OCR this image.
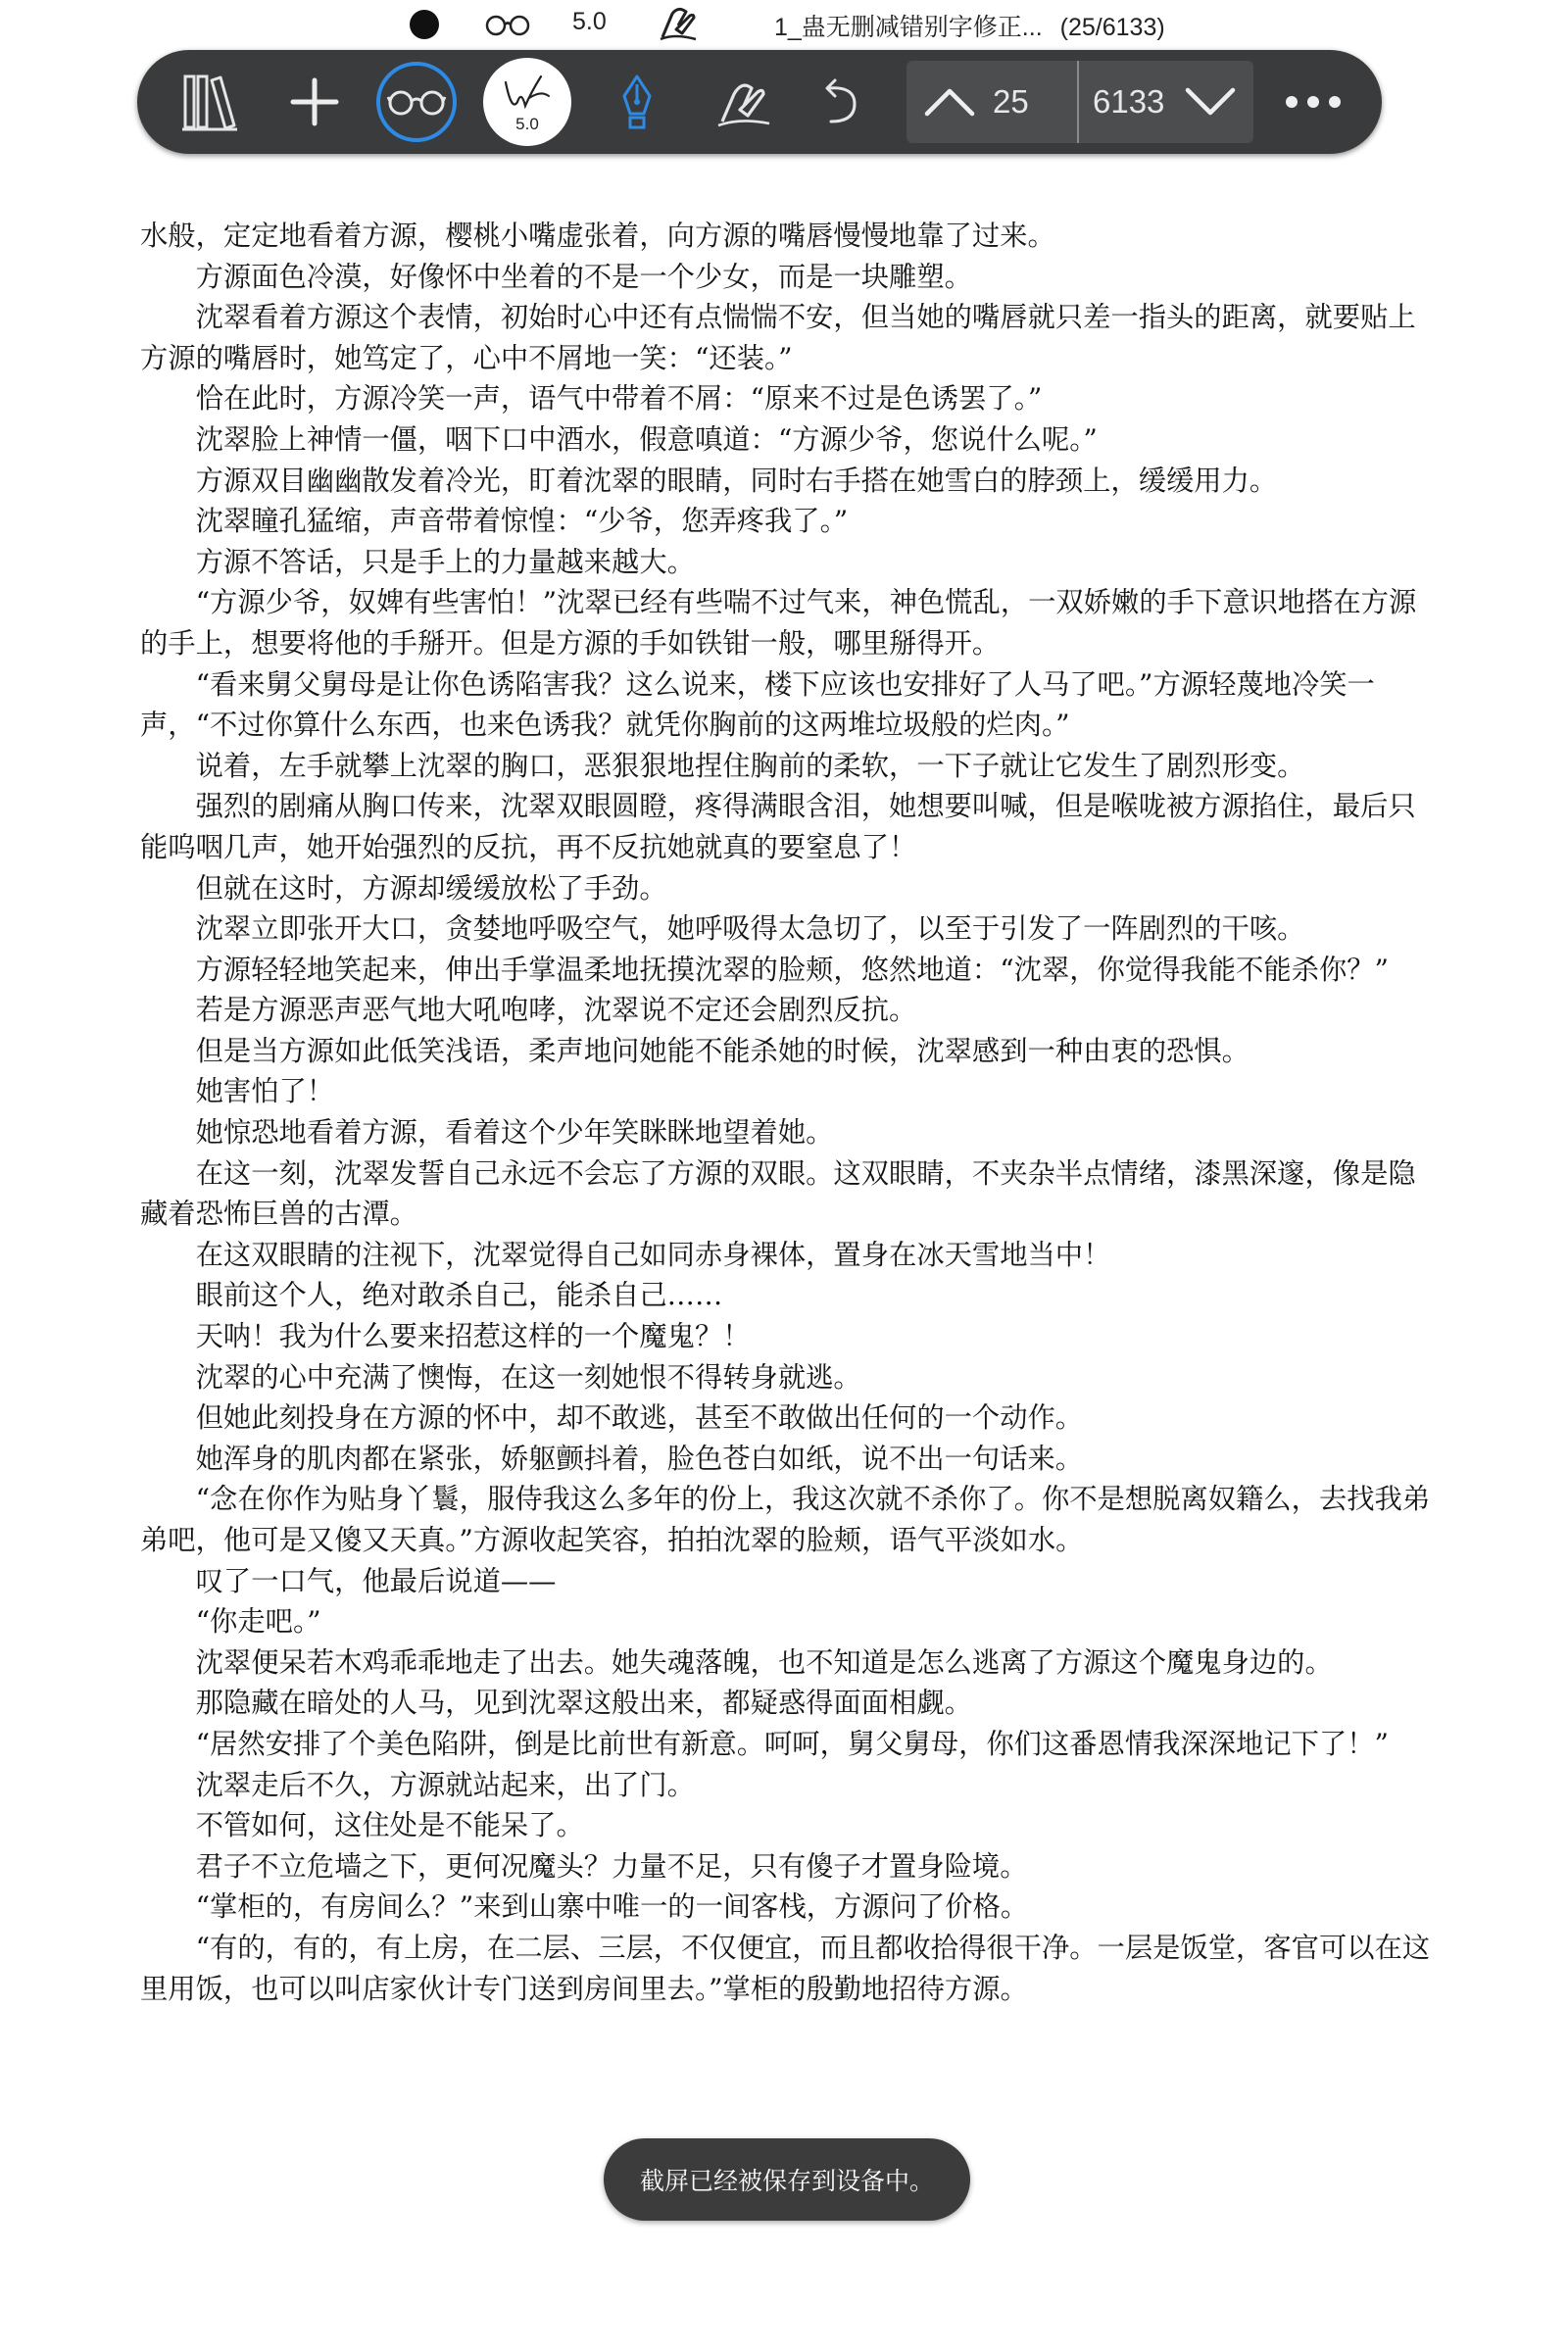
5.0	1_蛊无删减错别字修正... (25/6133)
5.0
25 6133

水般，定定地看着方源，樱桃小嘴虚张着，向方源的嘴唇慢慢地靠了过来。

方源面色冷漠，好像怀中坐着的不是一个少女，而是一块雕塑。

沈翠看着方源这个表情，初始时心中还有点惴惴不安，但当她的嘴唇就只差一指头的距离，就要贴上方源的嘴唇时，她笃定了，心中不屑地一笑：“还装。”

恰在此时，方源冷笑一声，语气中带着不屑：“原来不过是色诱罢了。”

沈翠脸上神情一僵，咽下口中酒水，假意嗔道：“方源少爷，您说什么呢。”

方源双目幽幽散发着冷光，盯着沈翠的眼睛，同时右手搭在她雪白的脖颈上，缓缓用力。

沈翠瞳孔猛缩，声音带着惊惶：“少爷，您弄疼我了。”

方源不答话，只是手上的力量越来越大。

“方源少爷，奴婢有些害怕！”沈翠已经有些喘不过气来，神色慌乱，一双娇嫩的手下意识地搭在方源的手上，想要将他的手掰开。但是方源的手如铁钳一般，哪里掰得开。

“看来舅父舅母是让你色诱陷害我？这么说来，楼下应该也安排好了人马了吧。”方源轻蔑地冷笑一声，“不过你算什么东西，也来色诱我？就凭你胸前的这两堆垃圾般的烂肉。”

说着，左手就攀上沈翠的胸口，恶狠狠地捏住胸前的柔软，一下子就让它发生了剧烈形变。

强烈的剧痛从胸口传来，沈翠双眼圆瞪，疼得满眼含泪，她想要叫喊，但是喉咙被方源掐住，最后只能呜咽几声，她开始强烈的反抗，再不反抗她就真的要窒息了！

但就在这时，方源却缓缓放松了手劲。

沈翠立即张开大口，贪婪地呼吸空气，她呼吸得太急切了，以至于引发了一阵剧烈的干咳。

方源轻轻地笑起来，伸出手掌温柔地抚摸沈翠的脸颊，悠然地道：“沈翠，你觉得我能不能杀你？”

若是方源恶声恶气地大吼咆哮，沈翠说不定还会剧烈反抗。

但是当方源如此低笑浅语，柔声地问她能不能杀她的时候，沈翠感到一种由衷的恐惧。

她害怕了！

她惊恐地看着方源，看着这个少年笑眯眯地望着她。

在这一刻，沈翠发誓自己永远不会忘了方源的双眼。这双眼睛，不夹杂半点情绪，漆黑深邃，像是隐藏着恐怖巨兽的古潭。

在这双眼睛的注视下，沈翠觉得自己如同赤身裸体，置身在冰天雪地当中！

眼前这个人，绝对敢杀自己，能杀自己……

天呐！我为什么要来招惹这样的一个魔鬼？！

沈翠的心中充满了懊悔，在这一刻她恨不得转身就逃。

但她此刻投身在方源的怀中，却不敢逃，甚至不敢做出任何的一个动作。

她浑身的肌肉都在紧张，娇躯颤抖着，脸色苍白如纸，说不出一句话来。

“念在你作为贴身丫鬟，服侍我这么多年的份上，我这次就不杀你了。你不是想脱离奴籍么，去找我弟弟吧，他可是又傻又天真。”方源收起笑容，拍拍沈翠的脸颊，语气平淡如水。

叹了一口气，他最后说道——

“你走吧。”

沈翠便呆若木鸡乖乖地走了出去。她失魂落魄，也不知道是怎么逃离了方源这个魔鬼身边的。

那隐藏在暗处的人马，见到沈翠这般出来，都疑惑得面面相觑。

“居然安排了个美色陷阱，倒是比前世有新意。呵呵，舅父舅母，你们这番恩情我深深地记下了！”

沈翠走后不久，方源就站起来，出了门。

不管如何，这住处是不能呆了。

君子不立危墙之下，更何况魔头？力量不足，只有傻子才置身险境。

“掌柜的，有房间么？”来到山寨中唯一的一间客栈，方源问了价格。

“有的，有的，有上房，在二层、三层，不仅便宜，而且都收拾得很干净。一层是饭堂，客官可以在这里用饭，也可以叫店家伙计专门送到房间里去。”掌柜的殷勤地招待方源。

截屏已经被保存到设备中。
